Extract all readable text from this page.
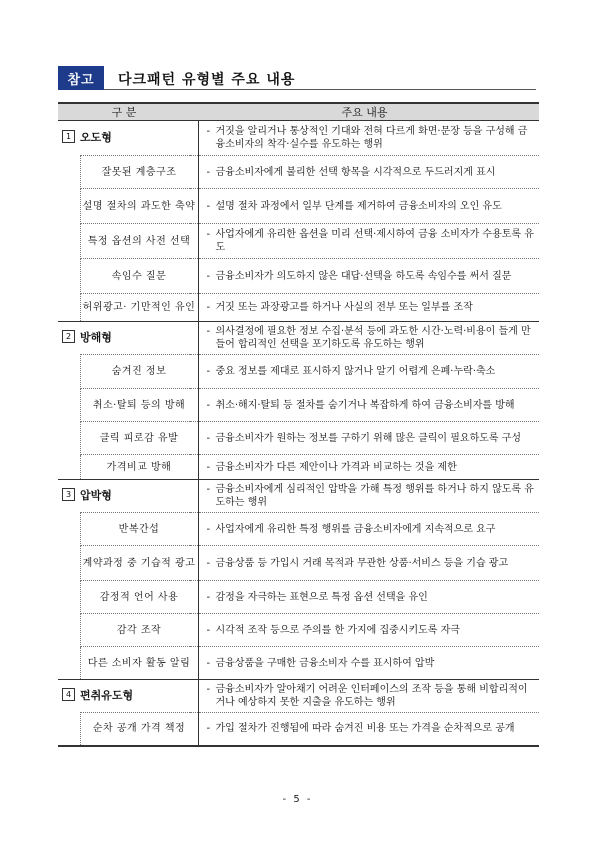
참고	다크패턴 유형별 주요 내용
구 분		주요 내용	
1 오도형			- 거짓을 알리거나 통상적인 기대와 전혀 다르게 화면·문장 등을 구성해 금융소비자의 착각·실수를 유도하는 행위

	잘못된 계층구조		- 금융소비자에게 불리한 선택 항목을 시각적으로 두드러지게 표시

	설명 절차의 과도한 축약		- 설명 절차 과정에서 일부 단계를 제거하여 금융소비자의 오인 유도

	특정 옵션의 사전 선택		- 사업자에게 유리한 옵션을 미리 선택·제시하여 금융 소비자가 수용토록 유도

	속임수 질문		- 금융소비자가 의도하지 않은 대답·선택을 하도록 속임수를 써서 질문

	허위광고· 기만적인 유인		- 거짓 또는 과장광고를 하거나 사실의 전부 또는 일부를 조작

2 방해형			- 의사결정에 필요한 정보 수집·분석 등에 과도한 시간·노력·비용이 들게 만들어 합리적인 선택을 포기하도록 유도하는 행위

	숨겨진 정보		- 중요 정보를 제대로 표시하지 않거나 알기 어렵게 은폐·누락·축소

	취소·탈퇴 등의 방해		- 취소·해지·탈퇴 등 절차를 숨기거나 복잡하게 하여 금융소비자를 방해

	클릭 피로감 유발		- 금융소비자가 원하는 정보를 구하기 위해 많은 클릭이 필요하도록 구성

	가격비교 방해		- 금융소비자가 다른 제안이나 가격과 비교하는 것을 제한

3 압박형			- 금융소비자에게 심리적인 압박을 가해 특정 행위를 하거나 하지 않도록 유도하는 행위

	반복간섭		- 사업자에게 유리한 특정 행위를 금융소비자에게 지속적으로 요구

	계약과정 중 기습적 광고		- 금융상품 등 가입시 거래 목적과 무관한 상품·서비스 등을 기습 광고

	감정적 언어 사용		- 감정을 자극하는 표현으로 특정 옵션 선택을 유인

	감각 조작		- 시각적 조작 등으로 주의를 한 가지에 집중시키도록 자극

	다른 소비자 활동 알림		- 금융상품을 구매한 금융소비자 수를 표시하여 압박

4 편취유도형			- 금융소비자가 알아채기 어려운 인터페이스의 조작 등을 통해 비합리적이거나 예상하지 못한 지출을 유도하는 행위

	순차 공개 가격 책정		- 가입 절차가 진행됨에 따라 숨겨진 비용 또는 가격을 순차적으로 공개
- 5 -
